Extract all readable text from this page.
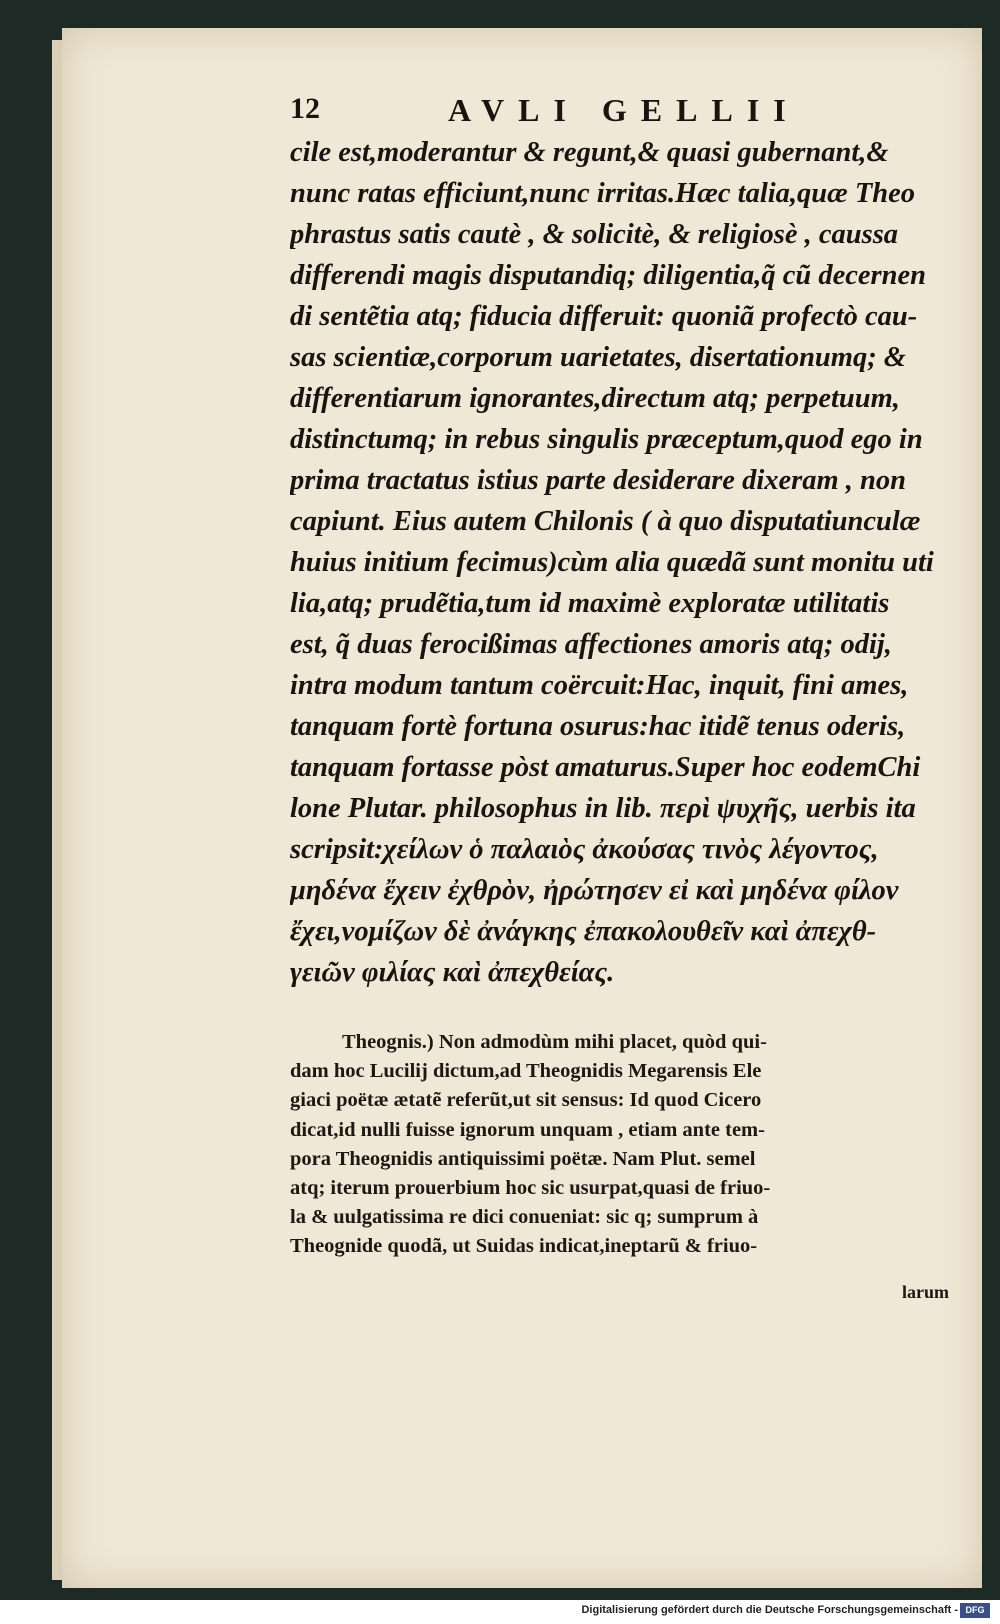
12	AVLI GELLII
cile est,moderantur & regunt,& quasi gubernant,&
nunc ratas efficiunt,nunc irritas.Hæc talia,quæ Theo
phrastus satis cautè , & solicitè, & religiosè , caussa
differendi magis disputandiq; diligentia,q̃ cũ decernen
di sentẽtia atq; fiducia differuit: quoniã profectò cau-
sas scientiæ,corporum uarietates, disertationumq; &
differentiarum ignorantes,directum atq; perpetuum,
distinctumq; in rebus singulis præceptum,quod ego in
prima tractatus istius parte desiderare dixeram , non
capiunt. Eius autem Chilonis ( à quo disputatiunculæ
huius initium fecimus)cùm alia quædã sunt monitu uti
lia,atq; prudẽtia,tum id maximè exploratæ utilitatis
est, q̃ duas ferocißimas affectiones amoris atq; odij,
intra modum tantum coërcuit:Hac, inquit, fini ames,
tanquam fortè fortuna osurus:hac itidẽ tenus oderis,
tanquam fortasse pòst amaturus.Super hoc eodemChi
lone Plutar. philosophus in lib. περὶ ψυχῆς, uerbis ita
scripsit:χείλων ὁ παλαιὸς ἀκούσας τινὸς λέγοντος,
μηδένα ἔχειν ἐχθρὸν, ἠρώτησεν εἰ καὶ μηδένα φίλον
ἔχει,νομίζων δὲ ἀνάγκης ἐπακολουθεῖν καὶ ἀπεχθ-
γειῶν φιλίας καὶ ἀπεχθείας.
Theognis.) Non admodùm mihi placet, quòd qui-
dam hoc Lucilij dictum,ad Theognidis Megarensis Ele
giaci poëtæ ætatẽ referũt,ut sit sensus: Id quod Cicero
dicat,id nulli fuisse ignorum unquam , etiam ante tem-
pora Theognidis antiquissimi poëtæ. Nam Plut. semel
atq; iterum prouerbium hoc sic usurpat,quasi de friuo-
la & uulgatissima re dici conueniat: sic q; sumprum à
Theognide quodã, ut Suidas indicat,ineptarũ & friuo-
larum
Digitalisierung gefördert durch die Deutsche Forschungsgemeinschaft - DFG
